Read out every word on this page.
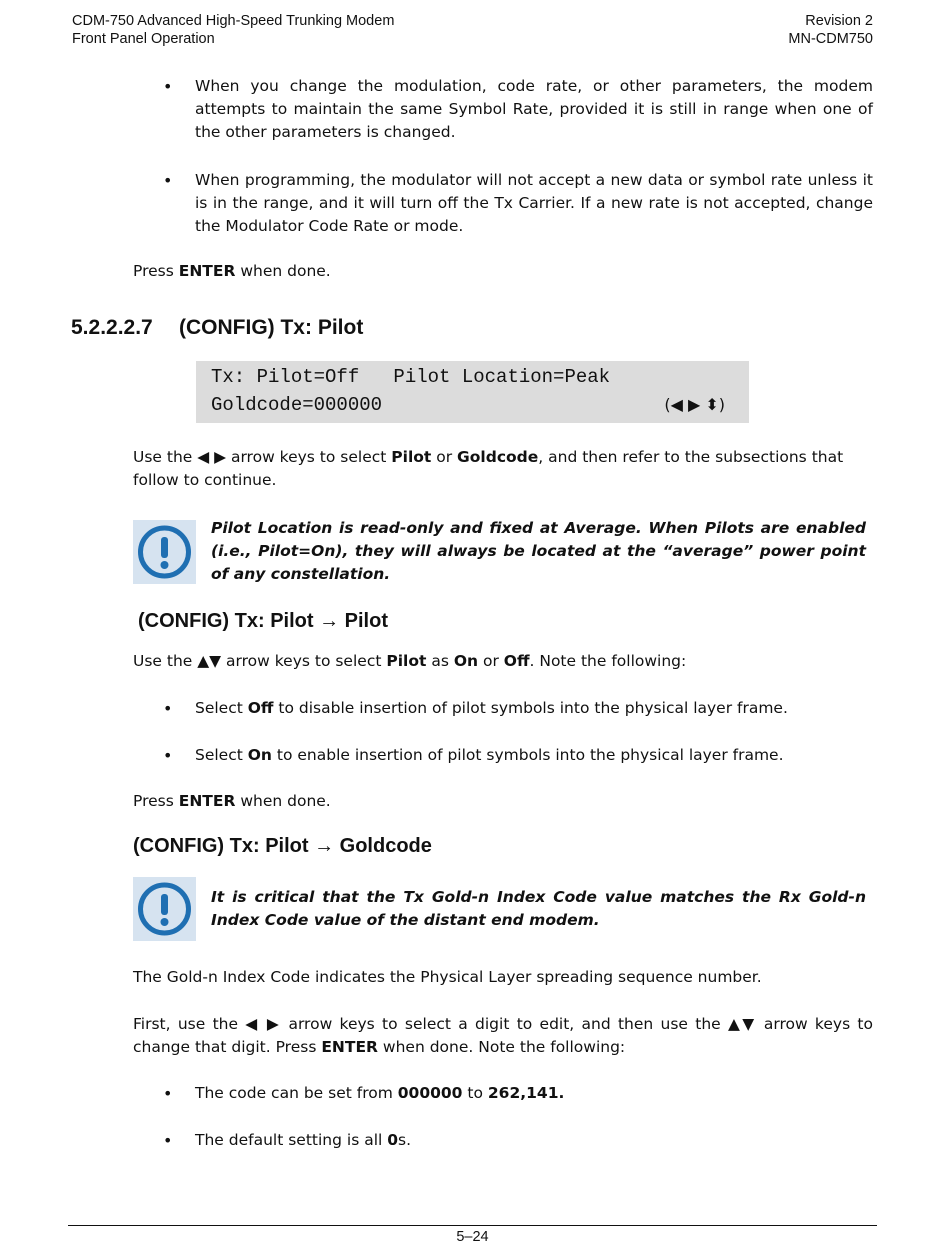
CDM-750 Advanced High-Speed Trunking Modem
Front Panel Operation
Revision 2
MN-CDM750
• When you change the modulation, code rate, or other parameters, the modem attempts to maintain the same Symbol Rate, provided it is still in range when one of the other parameters is changed.
• When programming, the modulator will not accept a new data or symbol rate unless it is in the range, and it will turn off the Tx Carrier. If a new rate is not accepted, change the Modulator Code Rate or mode.
Press ENTER when done.
5.2.2.2.7 (CONFIG) Tx: Pilot
Tx: Pilot=Off   Pilot Location=Peak
Goldcode=000000	(◀ ▶ ⬍)
Use the ◀ ▶ arrow keys to select Pilot or Goldcode, and then refer to the subsections that follow to continue.
Pilot Location is read-only and fixed at Average. When Pilots are enabled (i.e., Pilot=On), they will always be located at the “average” power point of any constellation.
(CONFIG) Tx: Pilot → Pilot
Use the ▲▼ arrow keys to select Pilot as On or Off. Note the following:
• Select Off to disable insertion of pilot symbols into the physical layer frame.
• Select On to enable insertion of pilot symbols into the physical layer frame.
Press ENTER when done.
(CONFIG) Tx: Pilot → Goldcode
It is critical that the Tx Gold-n Index Code value matches the Rx Gold-n Index Code value of the distant end modem.
The Gold-n Index Code indicates the Physical Layer spreading sequence number.
First, use the ◀ ▶ arrow keys to select a digit to edit, and then use the ▲▼ arrow keys to change that digit. Press ENTER when done. Note the following:
• The code can be set from 000000 to 262,141.
• The default setting is all 0s.
5–24
